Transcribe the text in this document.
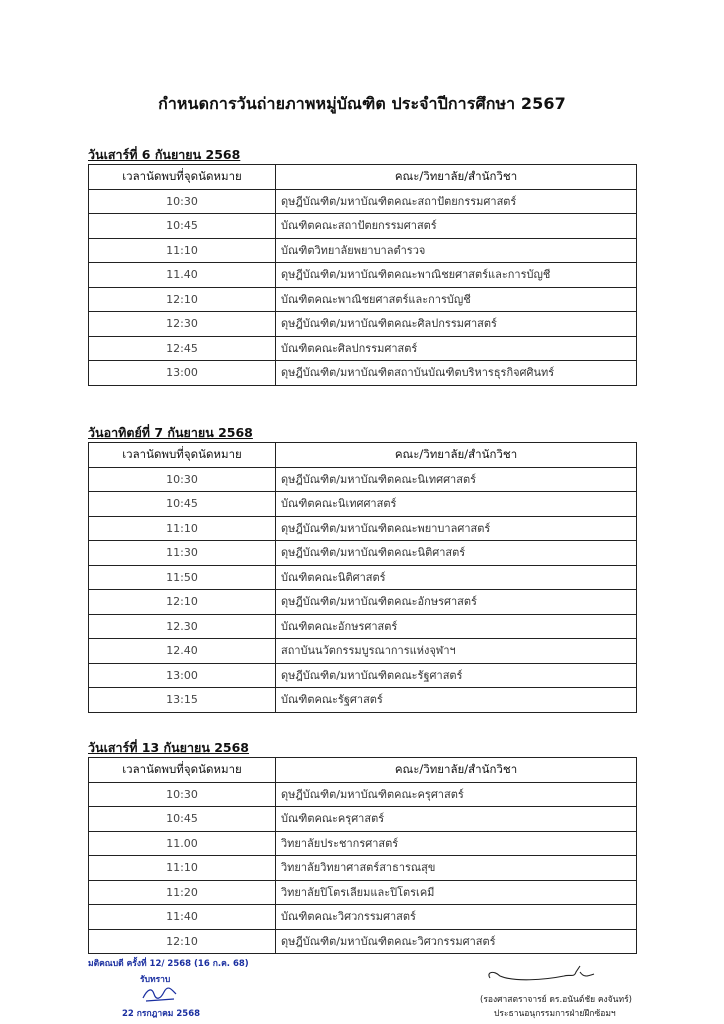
กำหนดการวันถ่ายภาพหมู่บัณฑิต ประจำปีการศึกษา 2567
วันเสาร์ที่ 6 กันยายน 2568
เวลานัดพบที่จุดนัดหมาย	คณะ/วิทยาลัย/สำนักวิชา
10:30	ดุษฎีบัณฑิต/มหาบัณฑิตคณะสถาปัตยกรรมศาสตร์
10:45	บัณฑิตคณะสถาปัตยกรรมศาสตร์
11:10	บัณฑิตวิทยาลัยพยาบาลตำรวจ
11.40	ดุษฎีบัณฑิต/มหาบัณฑิตคณะพาณิชยศาสตร์และการบัญชี
12:10	บัณฑิตคณะพาณิชยศาสตร์และการบัญชี
12:30	ดุษฎีบัณฑิต/มหาบัณฑิตคณะศิลปกรรมศาสตร์
12:45	บัณฑิตคณะศิลปกรรมศาสตร์
13:00	ดุษฎีบัณฑิต/มหาบัณฑิตสถาบันบัณฑิตบริหารธุรกิจศศินทร์
วันอาทิตย์ที่ 7 กันยายน 2568
เวลานัดพบที่จุดนัดหมาย	คณะ/วิทยาลัย/สำนักวิชา
10:30	ดุษฎีบัณฑิต/มหาบัณฑิตคณะนิเทศศาสตร์
10:45	บัณฑิตคณะนิเทศศาสตร์
11:10	ดุษฎีบัณฑิต/มหาบัณฑิตคณะพยาบาลศาสตร์
11:30	ดุษฎีบัณฑิต/มหาบัณฑิตคณะนิติศาสตร์
11:50	บัณฑิตคณะนิติศาสตร์
12:10	ดุษฎีบัณฑิต/มหาบัณฑิตคณะอักษรศาสตร์
12.30	บัณฑิตคณะอักษรศาสตร์
12.40	สถาบันนวัตกรรมบูรณาการแห่งจุฬาฯ
13:00	ดุษฎีบัณฑิต/มหาบัณฑิตคณะรัฐศาสตร์
13:15	บัณฑิตคณะรัฐศาสตร์
วันเสาร์ที่ 13 กันยายน 2568
เวลานัดพบที่จุดนัดหมาย	คณะ/วิทยาลัย/สำนักวิชา
10:30	ดุษฎีบัณฑิต/มหาบัณฑิตคณะครุศาสตร์
10:45	บัณฑิตคณะครุศาสตร์
11.00	วิทยาลัยประชากรศาสตร์
11:10	วิทยาลัยวิทยาศาสตร์สาธารณสุข
11:20	วิทยาลัยปิโตรเลียมและปิโตรเคมี
11:40	บัณฑิตคณะวิศวกรรมศาสตร์
12:10	ดุษฎีบัณฑิต/มหาบัณฑิตคณะวิศวกรรมศาสตร์
มติคณบดี ครั้งที่ 12/ 2568 (16 ก.ค. 68)
รับทราบ
22 กรกฎาคม 2568
(รองศาสตราจารย์ ดร.อนันต์ชัย คงจันทร์)
ประธานอนุกรรมการฝ่ายฝึกซ้อมฯ
